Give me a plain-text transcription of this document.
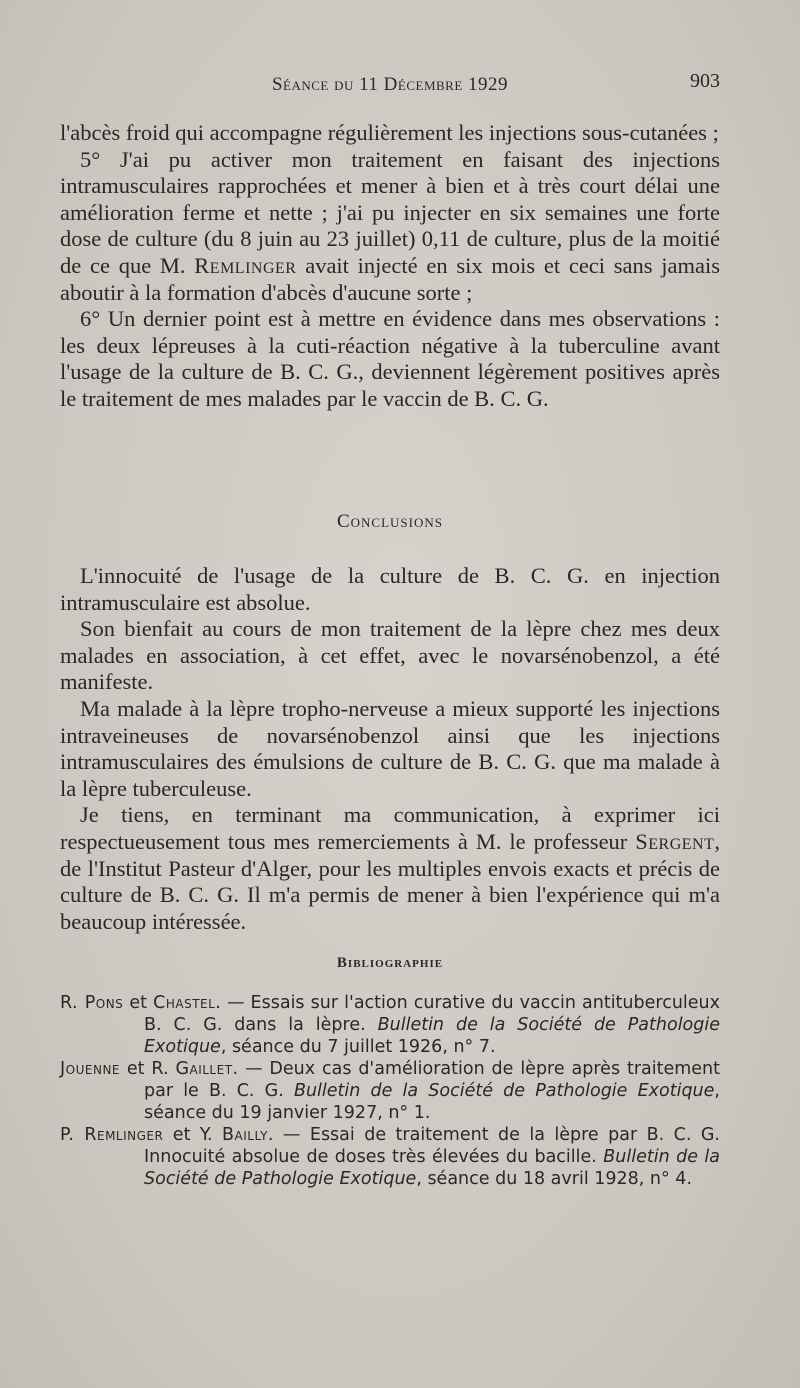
Séance du 11 Décembre 1929	903

l'abcès froid qui accompagne régulièrement les injections sous-cutanées ;

5° J'ai pu activer mon traitement en faisant des injections intramusculaires rapprochées et mener à bien et à très court délai une amélioration ferme et nette ; j'ai pu injecter en six semaines une forte dose de culture (du 8 juin au 23 juillet) 0,11 de culture, plus de la moitié de ce que M. Remlinger avait injecté en six mois et ceci sans jamais aboutir à la formation d'abcès d'aucune sorte ;

6° Un dernier point est à mettre en évidence dans mes observations : les deux lépreuses à la cuti-réaction négative à la tuberculine avant l'usage de la culture de B. C. G., deviennent légèrement positives après le traitement de mes malades par le vaccin de B. C. G.

Conclusions

L'innocuité de l'usage de la culture de B. C. G. en injection intramusculaire est absolue.

Son bienfait au cours de mon traitement de la lèpre chez mes deux malades en association, à cet effet, avec le novarsénobenzol, a été manifeste.

Ma malade à la lèpre tropho-nerveuse a mieux supporté les injections intraveineuses de novarsénobenzol ainsi que les injections intramusculaires des émulsions de culture de B. C. G. que ma malade à la lèpre tuberculeuse.

Je tiens, en terminant ma communication, à exprimer ici respectueusement tous mes remerciements à M. le professeur Sergent, de l'Institut Pasteur d'Alger, pour les multiples envois exacts et précis de culture de B. C. G. Il m'a permis de mener à bien l'expérience qui m'a beaucoup intéressée.

Bibliographie

R. Pons et Chastel. — Essais sur l'action curative du vaccin antituberculeux B. C. G. dans la lèpre. Bulletin de la Société de Pathologie Exotique, séance du 7 juillet 1926, n° 7.

Jouenne et R. Gaillet. — Deux cas d'amélioration de lèpre après traitement par le B. C. G. Bulletin de la Société de Pathologie Exotique, séance du 19 janvier 1927, n° 1.

P. Remlinger et Y. Bailly. — Essai de traitement de la lèpre par B. C. G. Innocuité absolue de doses très élevées du bacille. Bulletin de la Société de Pathologie Exotique, séance du 18 avril 1928, n° 4.
